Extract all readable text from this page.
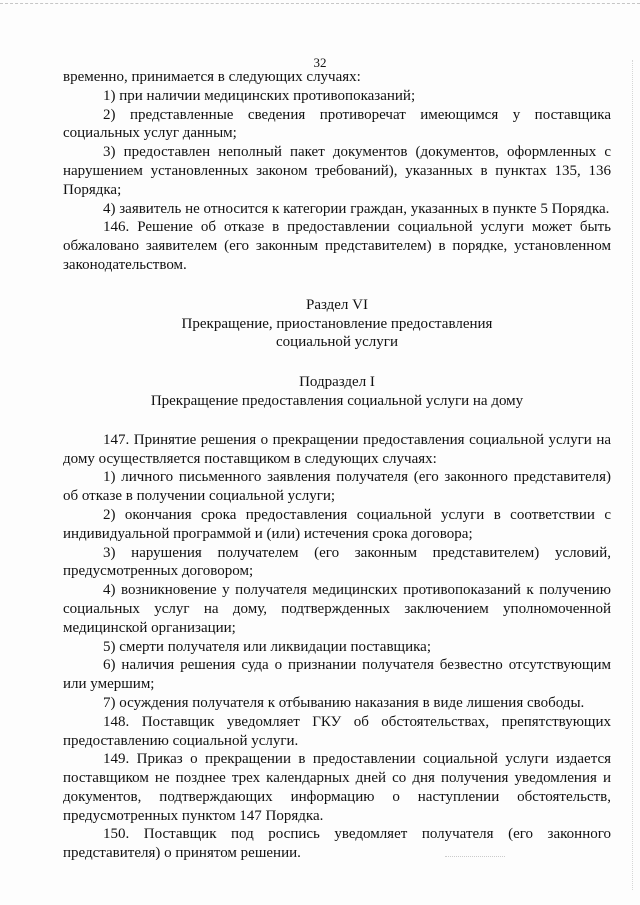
32

временно, принимается в следующих случаях:

1) при наличии медицинских противопоказаний;

2) представленные сведения противоречат имеющимся у поставщика социальных услуг данным;

3) предоставлен неполный пакет документов (документов, оформленных с нарушением установленных законом требований), указанных в пунктах 135, 136 Порядка;

4) заявитель не относится к категории граждан, указанных в пункте 5 Порядка.

146. Решение об отказе в предоставлении социальной услуги может быть обжаловано заявителем (его законным представителем) в порядке, установленном законодательством.

Раздел VI

Прекращение, приостановление предоставления

социальной услуги

Подраздел I

Прекращение предоставления социальной услуги на дому

147. Принятие решения о прекращении предоставления социальной услуги на дому осуществляется поставщиком в следующих случаях:

1) личного письменного заявления получателя (его законного представителя) об отказе в получении социальной услуги;

2) окончания срока предоставления социальной услуги в соответствии с индивидуальной программой и (или) истечения срока договора;

3) нарушения получателем (его законным представителем) условий, предусмотренных договором;

4) возникновение у получателя медицинских противопоказаний к получению социальных услуг на дому, подтвержденных заключением уполномоченной медицинской организации;

5) смерти получателя или ликвидации поставщика;

6) наличия решения суда о признании получателя безвестно отсутствующим или умершим;

7) осуждения получателя к отбыванию наказания в виде лишения свободы.

148. Поставщик уведомляет ГКУ об обстоятельствах, препятствующих предоставлению социальной услуги.

149. Приказ о прекращении в предоставлении социальной услуги издается поставщиком не позднее трех календарных дней со дня получения уведомления и документов, подтверждающих информацию о наступлении обстоятельств, предусмотренных пунктом 147 Порядка.

150. Поставщик под роспись уведомляет получателя (его законного представителя) о принятом решении.
